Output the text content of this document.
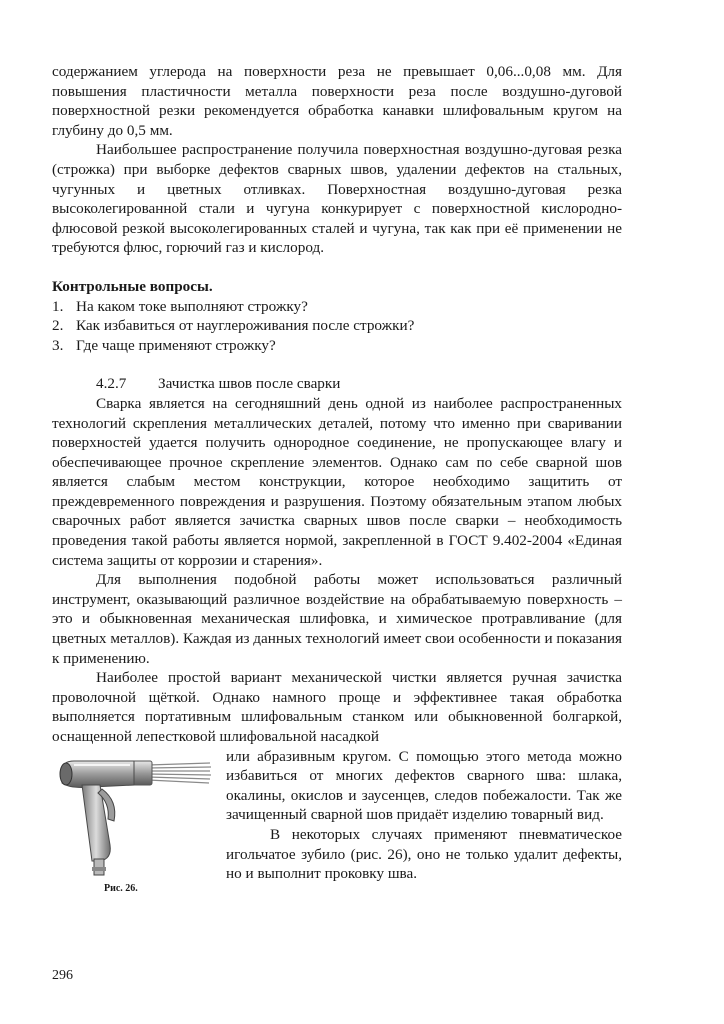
содержанием углерода на поверхности реза не превышает 0,06...0,08 мм. Для повышения пластичности металла поверхности реза после воздушно-дуговой поверхностной резки рекомендуется обработка канавки шлифовальным кругом на глубину до 0,5 мм.

Наибольшее распространение получила поверхностная воздушно-дуговая резка (строжка) при выборке дефектов сварных швов, удалении дефектов на стальных, чугунных и цветных отливках. Поверхностная воздушно-дуговая резка высоколегированной стали и чугуна конкурирует с поверхностной кислородно-флюсовой резкой высоколегированных сталей и чугуна, так как при её применении не требуются флюс, горючий газ и кислород.

Контрольные вопросы.

1. На каком токе выполняют строжку?
2. Как избавиться от науглероживания после строжки?
3. Где чаще применяют строжку?
4.2.7	Зачистка швов после сварки

Сварка является на сегодняшний день одной из наиболее распространенных технологий скрепления металлических деталей, потому что именно при сваривании поверхностей удается получить однородное соединение, не пропускающее влагу и обеспечивающее прочное скрепление элементов. Однако сам по себе сварной шов является слабым местом конструкции, которое необходимо защитить от преждевременного повреждения и разрушения. Поэтому обязательным этапом любых сварочных работ является зачистка сварных швов после сварки – необходимость проведения такой работы является нормой, закрепленной в ГОСТ 9.402-2004 «Единая система защиты от коррозии и старения».

Для выполнения подобной работы может использоваться различный инструмент, оказывающий различное воздействие на обрабатываемую поверхность – это и обыкновенная механическая шлифовка, и химическое протравливание (для цветных металлов). Каждая из данных технологий имеет свои особенности и показания к применению.

Наиболее простой вариант механической чистки является ручная зачистка проволочной щёткой. Однако намного проще и эффективнее такая обработка выполняется портативным шлифовальным станком или обыкновенной болгаркой, оснащенной лепестковой шлифовальной насадкой

Рис. 26.

или абразивным кругом. С помощью этого метода можно избавиться от многих дефектов сварного шва: шлака, окалины, окислов и заусенцев, следов побежалости. Так же зачищенный сварной шов придаёт изделию товарный вид.

В некоторых случаях применяют пневматическое игольчатое зубило (рис. 26), оно не только удалит дефекты, но и выполнит проковку шва.

296
